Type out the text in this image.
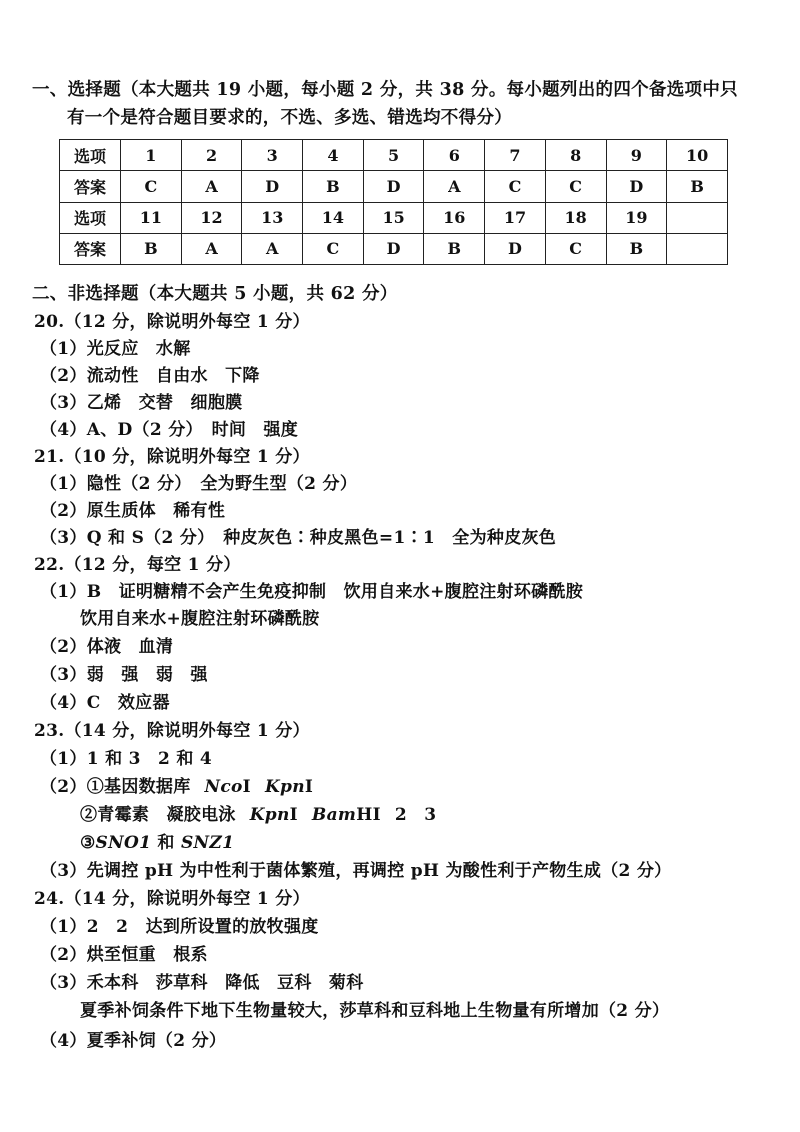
一、选择题（本大题共 19 小题，每小题 2 分，共 38 分。每小题列出的四个备选项中只
有一个是符合题目要求的，不选、多选、错选均不得分）
选项	1	2	3	4	5	6	7	8	9	10
答案	C	A	D	B	D	A	C	C	D	B
选项	11	12	13	14	15	16	17	18	19	
答案	B	A	A	C	D	B	D	C	B	
二、非选择题（本大题共 5 小题，共 62 分）
20.（12 分，除说明外每空 1 分）
（1）光反应　水解
（2）流动性　自由水　下降
（3）乙烯　交替　细胞膜
（4）A、D（2 分）　时间　强度
21.（10 分，除说明外每空 1 分）
（1）隐性（2 分）　全为野生型（2 分）
（2）原生质体　稀有性
（3）Q 和 S（2 分）　种皮灰色∶种皮黑色=1∶1　全为种皮灰色
22.（12 分，每空 1 分）
（1）B　证明糖精不会产生免疫抑制　饮用自来水+腹腔注射环磷酰胺
饮用自来水+腹腔注射环磷酰胺
（2）体液　血清
（3）弱　强　弱　强
（4）C　效应器
23.（14 分，除说明外每空 1 分）
（1）1 和 3　2 和 4
（2）①基因数据库 NcoⅠ KpnⅠ
②青霉素　凝胶电泳 KpnⅠ BamHⅠ 2　3
③SNO1 和 SNZ1
（3）先调控 pH 为中性利于菌体繁殖，再调控 pH 为酸性利于产物生成（2 分）
24.（14 分，除说明外每空 1 分）
（1）2　2　达到所设置的放牧强度
（2）烘至恒重　根系
（3）禾本科　莎草科　降低　豆科　菊科
夏季补饲条件下地下生物量较大，莎草科和豆科地上生物量有所增加（2 分）
（4）夏季补饲（2 分）
